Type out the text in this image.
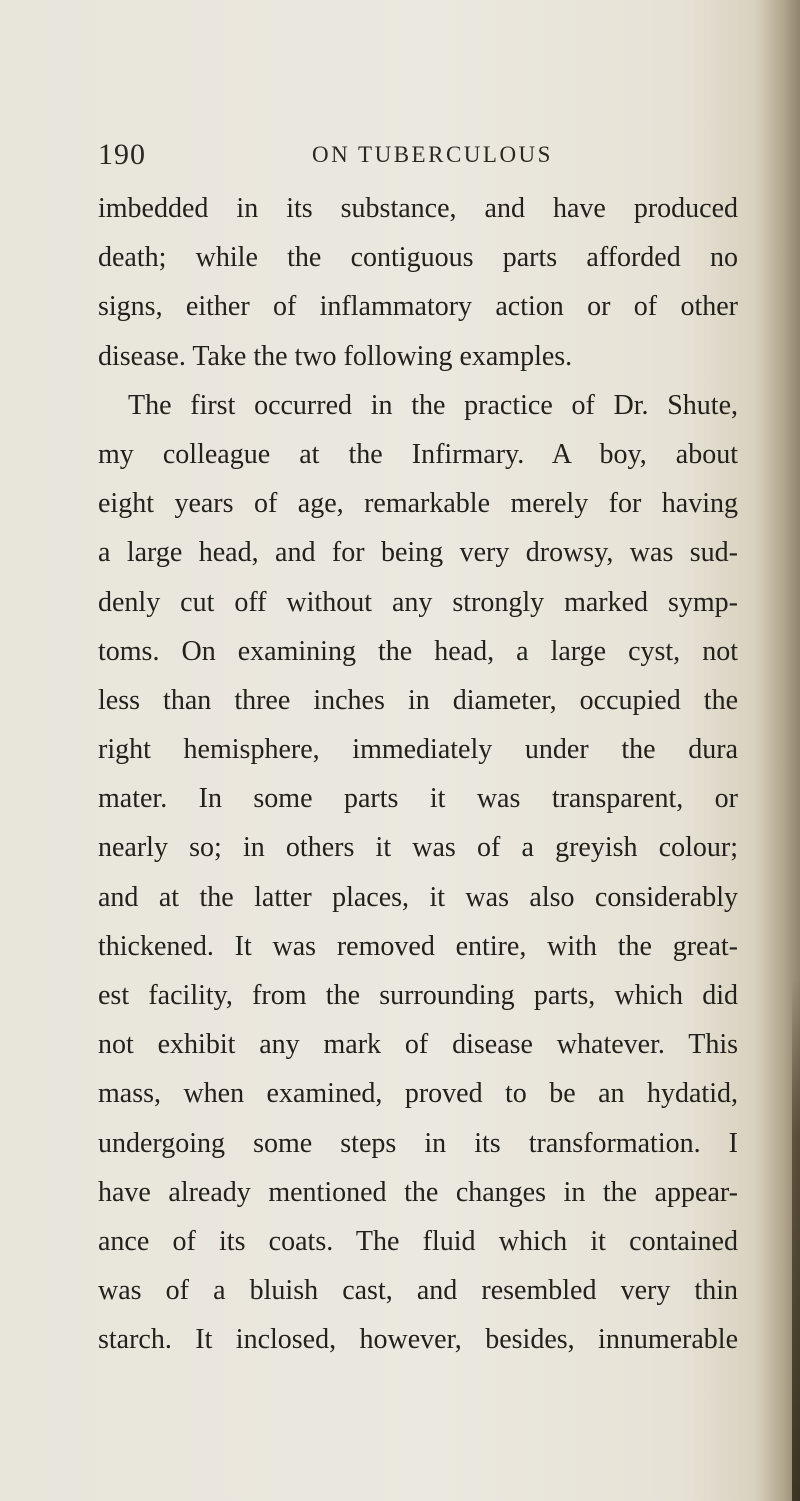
190	ON TUBERCULOUS
imbedded in its substance, and have produced
death; while the contiguous parts afforded no
signs, either of inflammatory action or of other
disease. Take the two following examples.
The first occurred in the practice of Dr. Shute,
my colleague at the Infirmary. A boy, about
eight years of age, remarkable merely for having
a large head, and for being very drowsy, was sud-
denly cut off without any strongly marked symp-
toms. On examining the head, a large cyst, not
less than three inches in diameter, occupied the
right hemisphere, immediately under the dura
mater. In some parts it was transparent, or
nearly so; in others it was of a greyish colour;
and at the latter places, it was also considerably
thickened. It was removed entire, with the great-
est facility, from the surrounding parts, which did
not exhibit any mark of disease whatever. This
mass, when examined, proved to be an hydatid,
undergoing some steps in its transformation. I
have already mentioned the changes in the appear-
ance of its coats. The fluid which it contained
was of a bluish cast, and resembled very thin
starch. It inclosed, however, besides, innumerable
